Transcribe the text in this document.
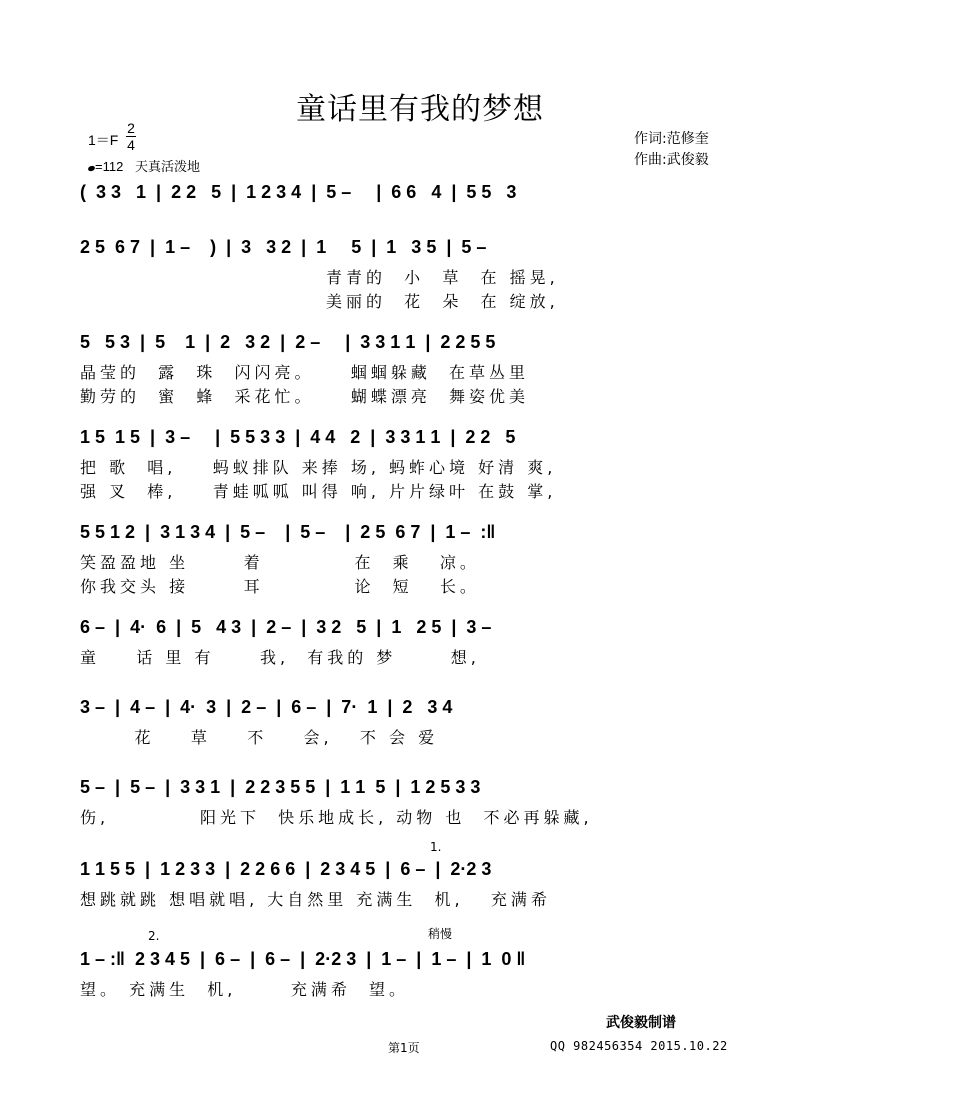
童话里有我的梦想
1＝F
2
4
=112 天真活泼地
作词:范修奎
作曲:武俊毅
(  3 3   1  |  2 2   5  |  1 2 3 4  |  5 –     |  6 6   4  |  5 5   3
2 5  6 7  |  1 –    )  |  3   3 2  |  1     5  |  1   3 5  |  5 –
青青的  小  草  在 摇晃,
美丽的  花  朵  在 绽放,
5   5 3  |  5    1  |  2   3 2  |  2 –     |  3 3 1 1  |  2 2 5 5
晶莹的  露  珠  闪闪亮。    蝈蝈躲藏  在草丛里
勤劳的  蜜  蜂  采花忙。    蝴蝶漂亮  舞姿优美
1 5  1 5  |  3 –     |  5 5 3 3  |  4 4   2  |  3 3 1 1  |  2 2   5
把 歌  唱,    蚂蚁排队 来捧 场, 蚂蚱心境 好清 爽,
强 叉  棒,    青蛙呱呱 叫得 响, 片片绿叶 在鼓 掌,
5 5 1 2  |  3 1 3 4  |  5 –    |  5 –    |  2 5  6 7  |  1 –  :‖
笑盈盈地 坐      着          在  乘   凉。
你我交头 接      耳          论  短   长。
6 –  |  4·  6  |  5   4 3  |  2 –  |  3 2   5  |  1   2 5  |  3 –
童    话 里 有     我,  有我的 梦      想,
3 –  |  4 –  |  4·  3  |  2 –  |  6 –  |  7·  1  |  2   3 4
花    草    不    会,   不 会 爱
5 –  |  5 –  |  3 3 1  |  2 2 3 5 5  |  1 1  5  |  1 2 5 3 3
伤,          阳光下  快乐地成长, 动物 也  不必再躲藏,
1.
1 1 5 5  |  1 2 3 3  |  2 2 6 6  |  2 3 4 5  |  6 –  |  2·2 3
想跳就跳 想唱就唱, 大自然里 充满生  机,   充满希
2.	稍慢
1 – :‖  2 3 4 5  |  6 –  |  6 –  |  2·2 3  |  1 –  |  1 –  |  1  0 ‖
望。 充满生  机,      充满希  望。
武俊毅制谱
第1页	QQ 982456354 2015.10.22
